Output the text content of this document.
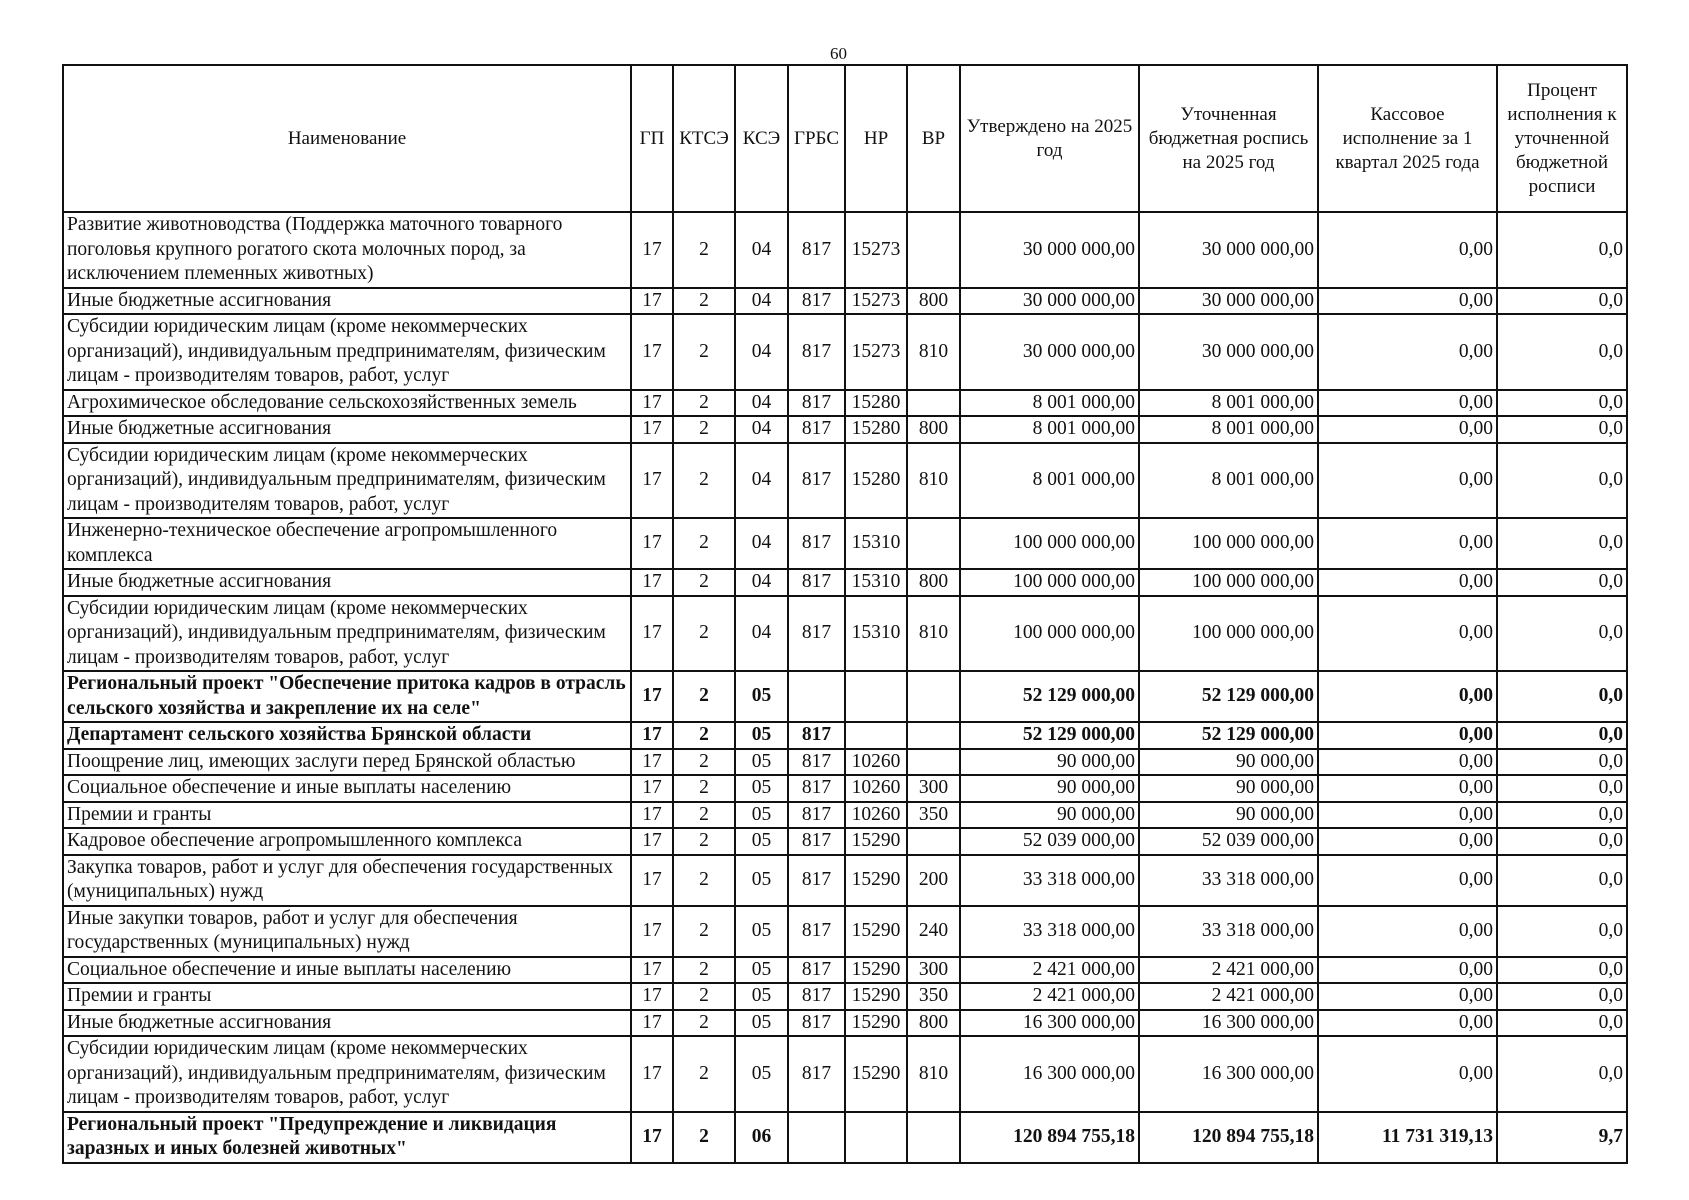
60
Наименование	ГП	КТСЭ	КСЭ	ГРБС	НР	ВР	Утверждено на 2025 год	Уточненная бюджетная роспись на 2025 год	Кассовое исполнение за 1 квартал 2025 года	Процент исполнения к уточненной бюджетной росписи
Развитие животноводства (Поддержка маточного товарного поголовья крупного рогатого скота молочных пород, за исключением племенных животных)	17	2	04	817	15273		30 000 000,00	30 000 000,00	0,00	0,0
Иные бюджетные ассигнования	17	2	04	817	15273	800	30 000 000,00	30 000 000,00	0,00	0,0
Субсидии юридическим лицам (кроме некоммерческих организаций), индивидуальным предпринимателям, физическим лицам - производителям товаров, работ, услуг	17	2	04	817	15273	810	30 000 000,00	30 000 000,00	0,00	0,0
Агрохимическое обследование сельскохозяйственных земель	17	2	04	817	15280		8 001 000,00	8 001 000,00	0,00	0,0
Иные бюджетные ассигнования	17	2	04	817	15280	800	8 001 000,00	8 001 000,00	0,00	0,0
Субсидии юридическим лицам (кроме некоммерческих организаций), индивидуальным предпринимателям, физическим лицам - производителям товаров, работ, услуг	17	2	04	817	15280	810	8 001 000,00	8 001 000,00	0,00	0,0
Инженерно-техническое обеспечение агропромышленного комплекса	17	2	04	817	15310		100 000 000,00	100 000 000,00	0,00	0,0
Иные бюджетные ассигнования	17	2	04	817	15310	800	100 000 000,00	100 000 000,00	0,00	0,0
Субсидии юридическим лицам (кроме некоммерческих организаций), индивидуальным предпринимателям, физическим лицам - производителям товаров, работ, услуг	17	2	04	817	15310	810	100 000 000,00	100 000 000,00	0,00	0,0
Региональный проект "Обеспечение притока кадров в отрасль сельского хозяйства и закрепление их на селе"	17	2	05				52 129 000,00	52 129 000,00	0,00	0,0
Департамент сельского хозяйства Брянской области	17	2	05	817			52 129 000,00	52 129 000,00	0,00	0,0
Поощрение лиц, имеющих заслуги перед Брянской областью	17	2	05	817	10260		90 000,00	90 000,00	0,00	0,0
Социальное обеспечение и иные выплаты населению	17	2	05	817	10260	300	90 000,00	90 000,00	0,00	0,0
Премии и гранты	17	2	05	817	10260	350	90 000,00	90 000,00	0,00	0,0
Кадровое обеспечение агропромышленного комплекса	17	2	05	817	15290		52 039 000,00	52 039 000,00	0,00	0,0
Закупка товаров, работ и услуг для обеспечения государственных (муниципальных) нужд	17	2	05	817	15290	200	33 318 000,00	33 318 000,00	0,00	0,0
Иные закупки товаров, работ и услуг для обеспечения государственных (муниципальных) нужд	17	2	05	817	15290	240	33 318 000,00	33 318 000,00	0,00	0,0
Социальное обеспечение и иные выплаты населению	17	2	05	817	15290	300	2 421 000,00	2 421 000,00	0,00	0,0
Премии и гранты	17	2	05	817	15290	350	2 421 000,00	2 421 000,00	0,00	0,0
Иные бюджетные ассигнования	17	2	05	817	15290	800	16 300 000,00	16 300 000,00	0,00	0,0
Субсидии юридическим лицам (кроме некоммерческих организаций), индивидуальным предпринимателям, физическим лицам - производителям товаров, работ, услуг	17	2	05	817	15290	810	16 300 000,00	16 300 000,00	0,00	0,0
Региональный проект "Предупреждение и ликвидация заразных и иных болезней животных"	17	2	06				120 894 755,18	120 894 755,18	11 731 319,13	9,7
